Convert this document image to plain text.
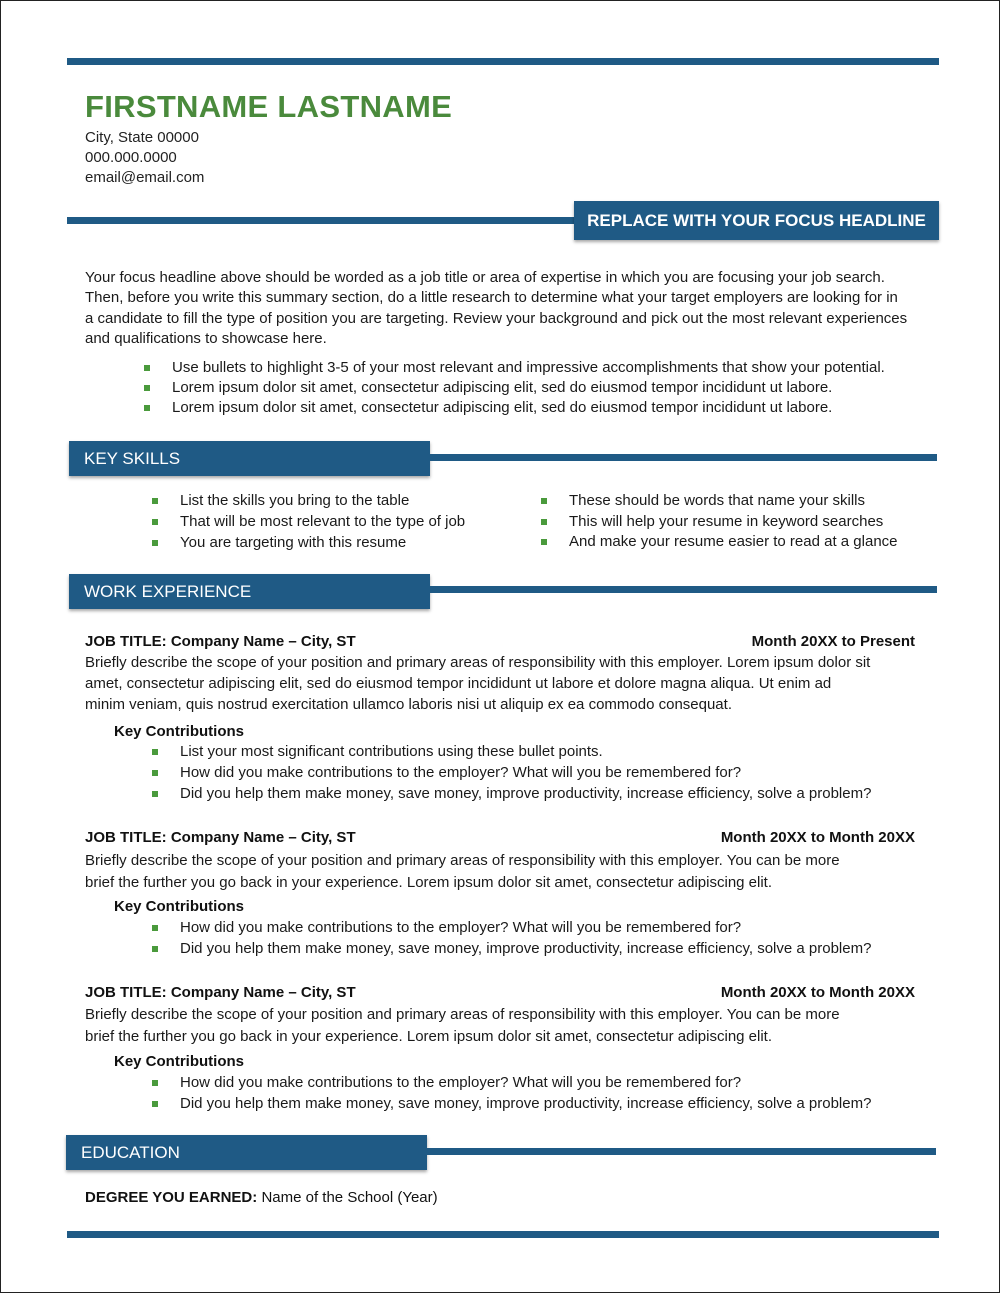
FIRSTNAME LASTNAME
City, State 00000
000.000.0000
email@email.com
REPLACE WITH YOUR FOCUS HEADLINE
Your focus headline above should be worded as a job title or area of expertise in which you are focusing your job search.
Then, before you write this summary section, do a little research to determine what your target employers are looking for in
a candidate to fill the type of position you are targeting. Review your background and pick out the most relevant experiences
and qualifications to showcase here.
Use bullets to highlight 3-5 of your most relevant and impressive accomplishments that show your potential.
Lorem ipsum dolor sit amet, consectetur adipiscing elit, sed do eiusmod tempor incididunt ut labore.
Lorem ipsum dolor sit amet, consectetur adipiscing elit, sed do eiusmod tempor incididunt ut labore.
KEY SKILLS
List the skills you bring to the table
That will be most relevant to the type of job
You are targeting with this resume
These should be words that name your skills
This will help your resume in keyword searches
And make your resume easier to read at a glance
WORK EXPERIENCE
JOB TITLE: Company Name – City, ST	Month 20XX to Present
Briefly describe the scope of your position and primary areas of responsibility with this employer. Lorem ipsum dolor sit
amet, consectetur adipiscing elit, sed do eiusmod tempor incididunt ut labore et dolore magna aliqua. Ut enim ad
minim veniam, quis nostrud exercitation ullamco laboris nisi ut aliquip ex ea commodo consequat.
Key Contributions
List your most significant contributions using these bullet points.
How did you make contributions to the employer? What will you be remembered for?
Did you help them make money, save money, improve productivity, increase efficiency, solve a problem?
JOB TITLE: Company Name – City, ST	Month 20XX to Month 20XX
Briefly describe the scope of your position and primary areas of responsibility with this employer. You can be more
brief the further you go back in your experience. Lorem ipsum dolor sit amet, consectetur adipiscing elit.
Key Contributions
How did you make contributions to the employer? What will you be remembered for?
Did you help them make money, save money, improve productivity, increase efficiency, solve a problem?
JOB TITLE: Company Name – City, ST	Month 20XX to Month 20XX
Briefly describe the scope of your position and primary areas of responsibility with this employer. You can be more
brief the further you go back in your experience. Lorem ipsum dolor sit amet, consectetur adipiscing elit.
Key Contributions
How did you make contributions to the employer? What will you be remembered for?
Did you help them make money, save money, improve productivity, increase efficiency, solve a problem?
EDUCATION
DEGREE YOU EARNED: Name of the School (Year)
